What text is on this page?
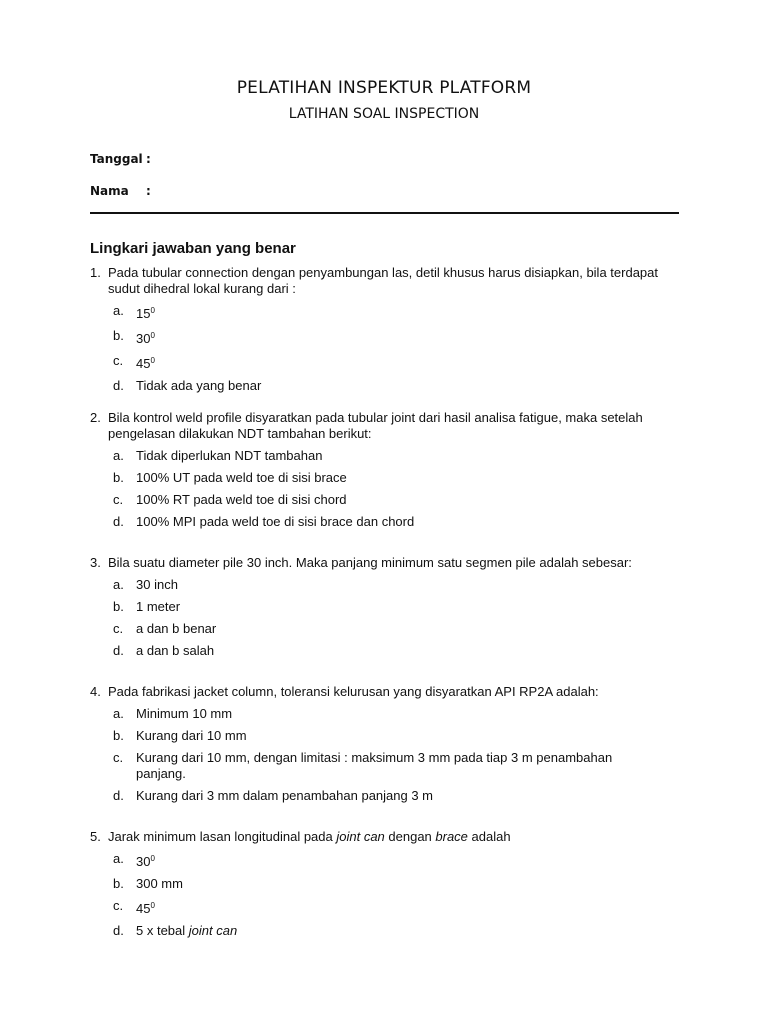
PELATIHAN INSPEKTUR PLATFORM
LATIHAN SOAL INSPECTION
Tanggal :
Nama :
Lingkari jawaban yang benar
1. Pada tubular connection dengan penyambungan las, detil khusus harus disiapkan, bila terdapat sudut dihedral lokal kurang dari :
a. $15^0$
b. $30^0$
c. $45^0$
d. Tidak ada yang benar
2. Bila kontrol weld profile disyaratkan pada tubular joint dari hasil analisa fatigue, maka setelah pengelasan dilakukan NDT tambahan berikut:
a. Tidak diperlukan NDT tambahan
b. 100% UT pada weld toe di sisi brace
c. 100% RT pada weld toe di sisi chord
d. 100% MPI pada weld toe di sisi brace dan chord
3. Bila suatu diameter pile 30 inch. Maka panjang minimum satu segmen pile adalah sebesar:
a. 30 inch
b. 1 meter
c. a dan b benar
d. a dan b salah
4. Pada fabrikasi jacket column, toleransi kelurusan yang disyaratkan API RP2A adalah:
a. Minimum 10 mm
b. Kurang dari 10 mm
c. Kurang dari 10 mm, dengan limitasi : maksimum 3 mm pada tiap 3 m penambahan panjang.
d. Kurang dari 3 mm dalam penambahan panjang 3 m
5. Jarak minimum lasan longitudinal pada joint can dengan brace adalah
a. $30^0$
b. 300 mm
c. $45^0$
d. 5 x tebal joint can
